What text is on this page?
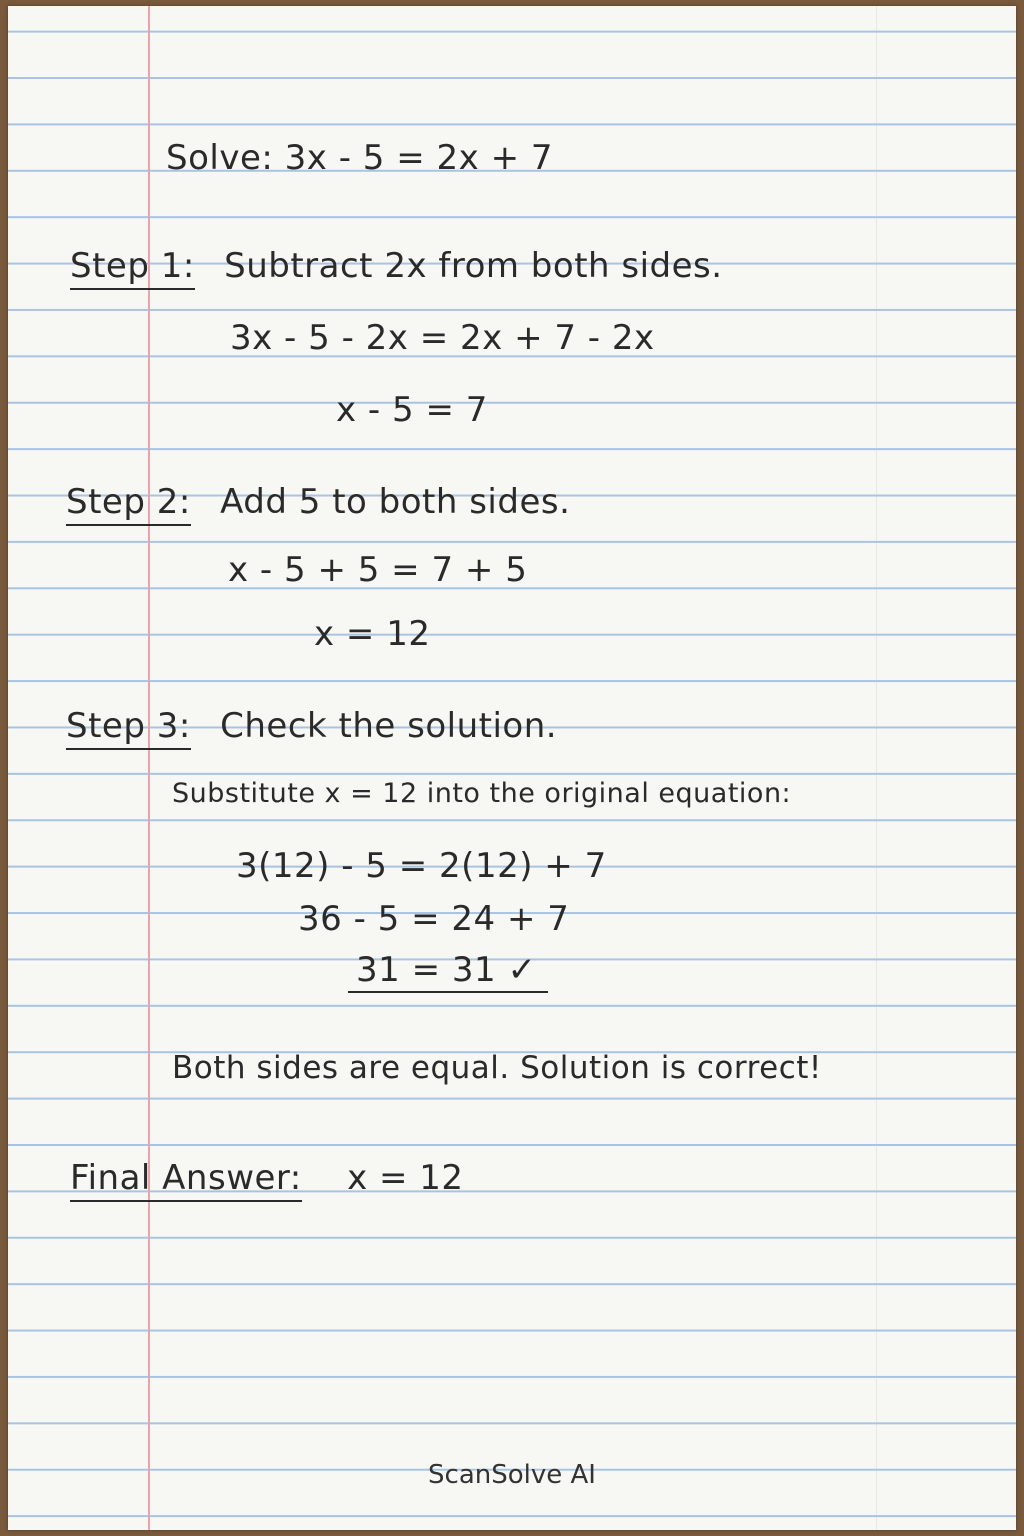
Solve: 3x - 5 = 2x + 7
Step 1: Subtract 2x from both sides.
3x - 5 - 2x = 2x + 7 - 2x
x - 5 = 7
Step 2: Add 5 to both sides.
x - 5 + 5 = 7 + 5
x = 12
Step 3: Check the solution.
Substitute x = 12 into the original equation:
3(12) - 5 = 2(12) + 7
36 - 5 = 24 + 7
31 = 31 ✓
Both sides are equal. Solution is correct!
Final Answer: x = 12
ScanSolve AI
